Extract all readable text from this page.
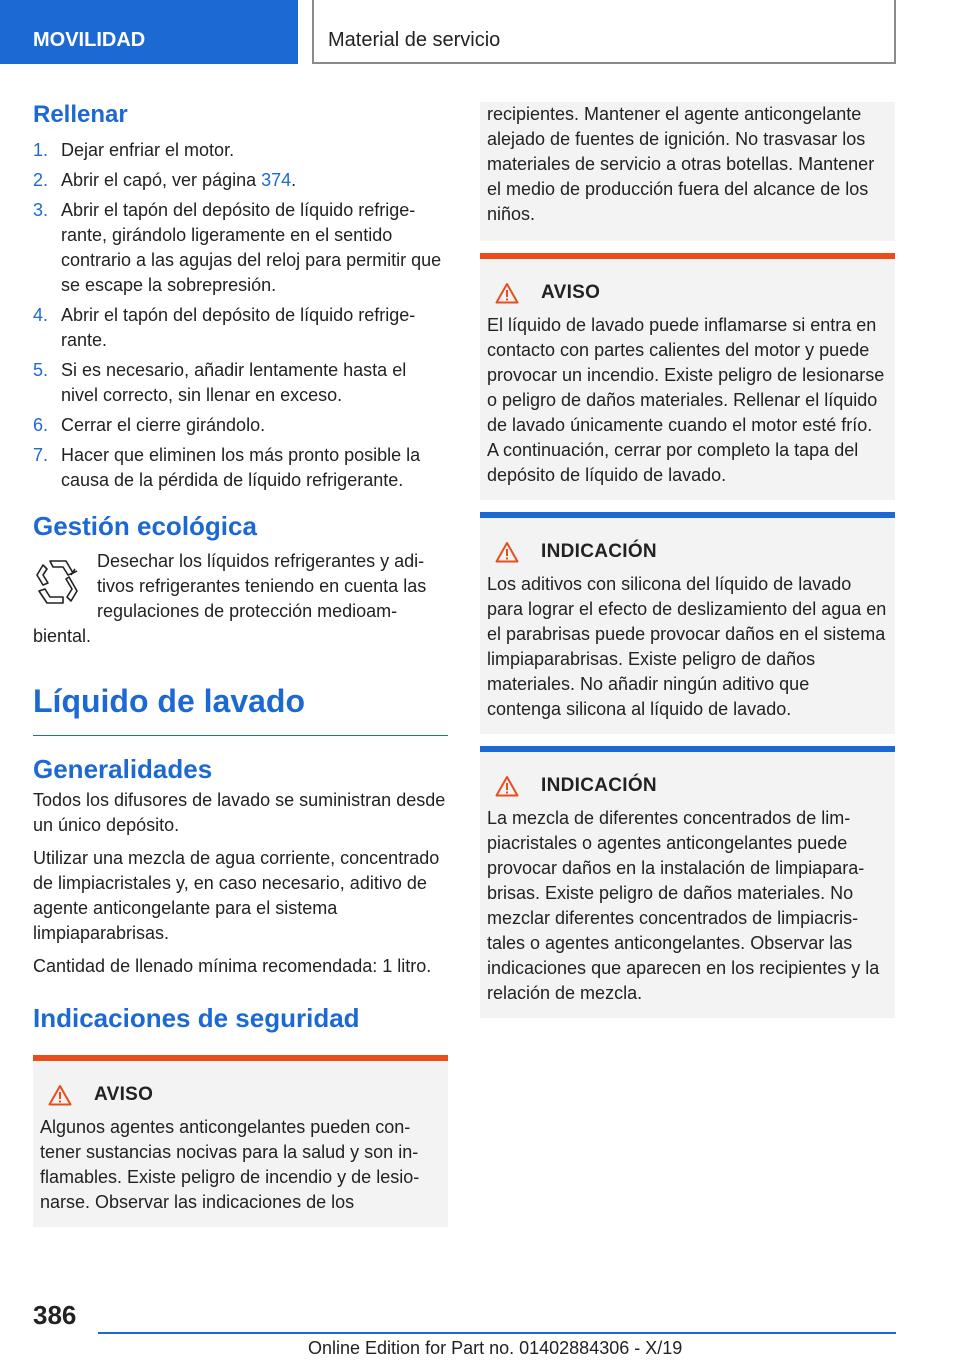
MOVILIDAD	Material de servicio
Rellenar
1. Dejar enfriar el motor.
2. Abrir el capó, ver página 374.
3. Abrir el tapón del depósito de líquido refrigerante, girándolo ligeramente en el sentido contrario a las agujas del reloj para permitir que se escape la sobrepresión.
4. Abrir el tapón del depósito de líquido refrigerante.
5. Si es necesario, añadir lentamente hasta el nivel correcto, sin llenar en exceso.
6. Cerrar el cierre girándolo.
7. Hacer que eliminen los más pronto posible la causa de la pérdida de líquido refrigerante.
Gestión ecológica

Desechar los líquidos refrigerantes y aditivos refrigerantes teniendo en cuenta las regulaciones de protección medioambiental.

Líquido de lavado
Generalidades

Todos los difusores de lavado se suministran desde un único depósito.

Utilizar una mezcla de agua corriente, concentrado de limpiacristales y, en caso necesario, aditivo de agente anticongelante para el sistema limpiaparabrisas.

Cantidad de llenado mínima recomendada: 1 litro.

Indicaciones de seguridad
AVISO

Algunos agentes anticongelantes pueden contener sustancias nocivas para la salud y son inflamables. Existe peligro de incendio y de lesionarse. Observar las indicaciones de los

recipientes. Mantener el agente anticongelante alejado de fuentes de ignición. No trasvasar los materiales de servicio a otras botellas. Mantener el medio de producción fuera del alcance de los niños.

AVISO

El líquido de lavado puede inflamarse si entra en contacto con partes calientes del motor y puede provocar un incendio. Existe peligro de lesionarse o peligro de daños materiales. Rellenar el líquido de lavado únicamente cuando el motor esté frío. A continuación, cerrar por completo la tapa del depósito de líquido de lavado.

INDICACIÓN

Los aditivos con silicona del líquido de lavado para lograr el efecto de deslizamiento del agua en el parabrisas puede provocar daños en el sistema limpiaparabrisas. Existe peligro de daños materiales. No añadir ningún aditivo que contenga silicona al líquido de lavado.

INDICACIÓN

La mezcla de diferentes concentrados de limpiacristales o agentes anticongelantes puede provocar daños en la instalación de limpiaparabrisas. Existe peligro de daños materiales. No mezclar diferentes concentrados de limpiacristales o agentes anticongelantes. Observar las indicaciones que aparecen en los recipientes y la relación de mezcla.

386
Online Edition for Part no. 01402884306 - X/19
